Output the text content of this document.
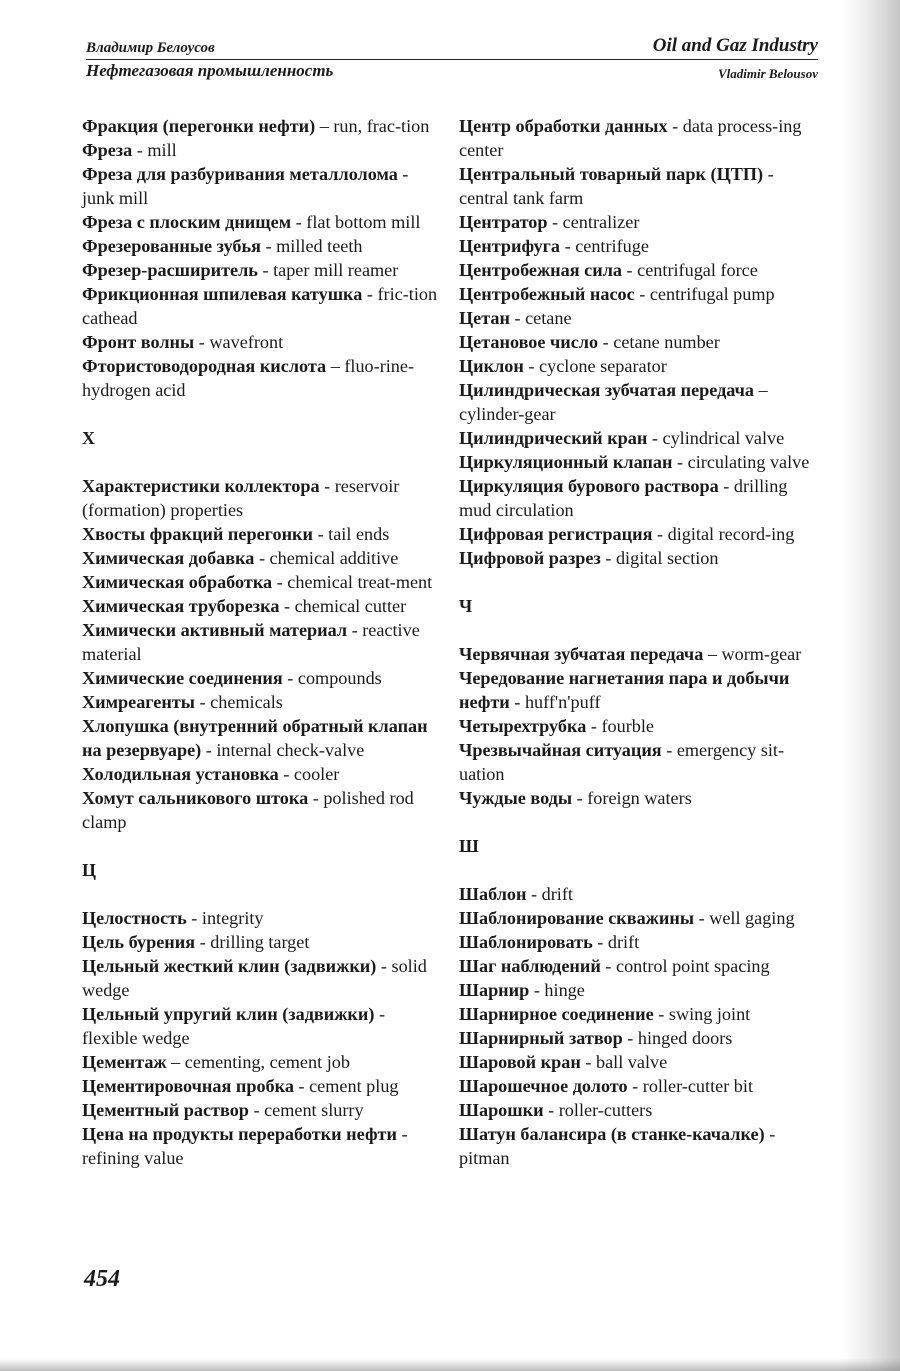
Владимир Белоусов	Oil and Gaz Industry
Нефтегазовая промышленность	Vladimir Belousov

Фракция (перегонки нефти) – run, frac-tion

Фреза - mill

Фреза для разбуривания металлолома - junk mill

Фреза с плоским днищем - flat bottom mill

Фрезерованные зубья - milled teeth

Фрезер-расширитель - taper mill reamer

Фрикционная шпилевая катушка - fric-tion cathead

Фронт волны - wavefront

Фтористоводородная кислота – fluo-rine-hydrogen acid

Х

Характеристики коллектора - reservoir (formation) properties

Хвосты фракций перегонки - tail ends

Химическая добавка - chemical additive

Химическая обработка - chemical treat-ment

Химическая труборезка - chemical cutter

Химически активный материал - reactive material

Химические соединения - compounds

Химреагенты - chemicals

Хлопушка (внутренний обратный клапан на резервуаре) - internal check-valve

Холодильная установка - cooler

Хомут сальникового штока - polished rod clamp

Ц

Целостность - integrity

Цель бурения - drilling target

Цельный жесткий клин (задвижки) - solid wedge

Цельный упругий клин (задвижки) - flexible wedge

Цементаж – cementing, cement job

Цементировочная пробка - cement plug

Цементный раствор - cement slurry

Цена на продукты переработки нефти - refining value

Центр обработки данных - data process-ing center

Центральный товарный парк (ЦТП) - central tank farm

Центратор - centralizer

Центрифуга - centrifuge

Центробежная сила - centrifugal force

Центробежный насос - centrifugal pump

Цетан - cetane

Цетановое число - cetane number

Циклон - cyclone separator

Цилиндрическая зубчатая передача – cylinder-gear

Цилиндрический кран - cylindrical valve

Циркуляционный клапан - circulating valve

Циркуляция бурового раствора - drilling mud circulation

Цифровая регистрация - digital record-ing

Цифровой разрез - digital section

Ч

Червячная зубчатая передача – worm-gear

Чередование нагнетания пара и добычи нефти - huff'n'puff

Четырехтрубка - fourble

Чрезвычайная ситуация - emergency sit-uation

Чуждые воды - foreign waters

Ш

Шаблон - drift

Шаблонирование скважины - well gaging

Шаблонировать - drift

Шаг наблюдений - control point spacing

Шарнир - hinge

Шарнирное соединение - swing joint

Шарнирный затвор - hinged doors

Шаровой кран - ball valve

Шарошечное долото - roller-cutter bit

Шарошки - roller-cutters

Шатун балансира (в станке-качалке) - pitman

454
